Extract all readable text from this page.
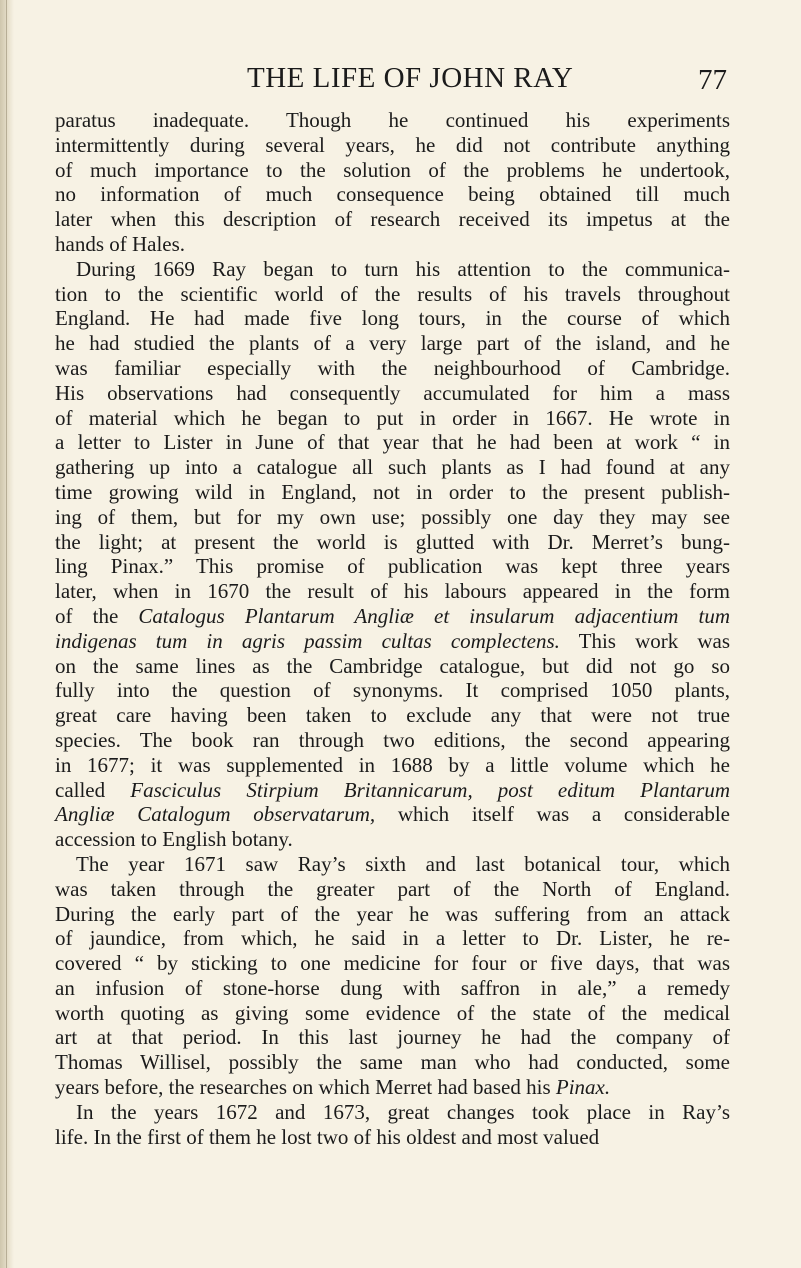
THE LIFE OF JOHN RAY	77
paratus inadequate. Though he continued his experiments
intermittently during several years, he did not contribute anything
of much importance to the solution of the problems he undertook,
no information of much consequence being obtained till much
later when this description of research received its impetus at the
hands of Hales.
During 1669 Ray began to turn his attention to the communica-
tion to the scientific world of the results of his travels throughout
England. He had made five long tours, in the course of which
he had studied the plants of a very large part of the island, and he
was familiar especially with the neighbourhood of Cambridge.
His observations had consequently accumulated for him a mass
of material which he began to put in order in 1667. He wrote in
a letter to Lister in June of that year that he had been at work “ in
gathering up into a catalogue all such plants as I had found at any
time growing wild in England, not in order to the present publish-
ing of them, but for my own use; possibly one day they may see
the light; at present the world is glutted with Dr. Merret’s bung-
ling Pinax.” This promise of publication was kept three years
later, when in 1670 the result of his labours appeared in the form
of the Catalogus Plantarum Angliæ et insularum adjacentium tum
indigenas tum in agris passim cultas complectens. This work was
on the same lines as the Cambridge catalogue, but did not go so
fully into the question of synonyms. It comprised 1050 plants,
great care having been taken to exclude any that were not true
species. The book ran through two editions, the second appearing
in 1677; it was supplemented in 1688 by a little volume which he
called Fasciculus Stirpium Britannicarum, post editum Plantarum
Angliæ Catalogum observatarum, which itself was a considerable
accession to English botany.
The year 1671 saw Ray’s sixth and last botanical tour, which
was taken through the greater part of the North of England.
During the early part of the year he was suffering from an attack
of jaundice, from which, he said in a letter to Dr. Lister, he re-
covered “ by sticking to one medicine for four or five days, that was
an infusion of stone-horse dung with saffron in ale,” a remedy
worth quoting as giving some evidence of the state of the medical
art at that period. In this last journey he had the company of
Thomas Willisel, possibly the same man who had conducted, some
years before, the researches on which Merret had based his Pinax.
In the years 1672 and 1673, great changes took place in Ray’s
life. In the first of them he lost two of his oldest and most valued
